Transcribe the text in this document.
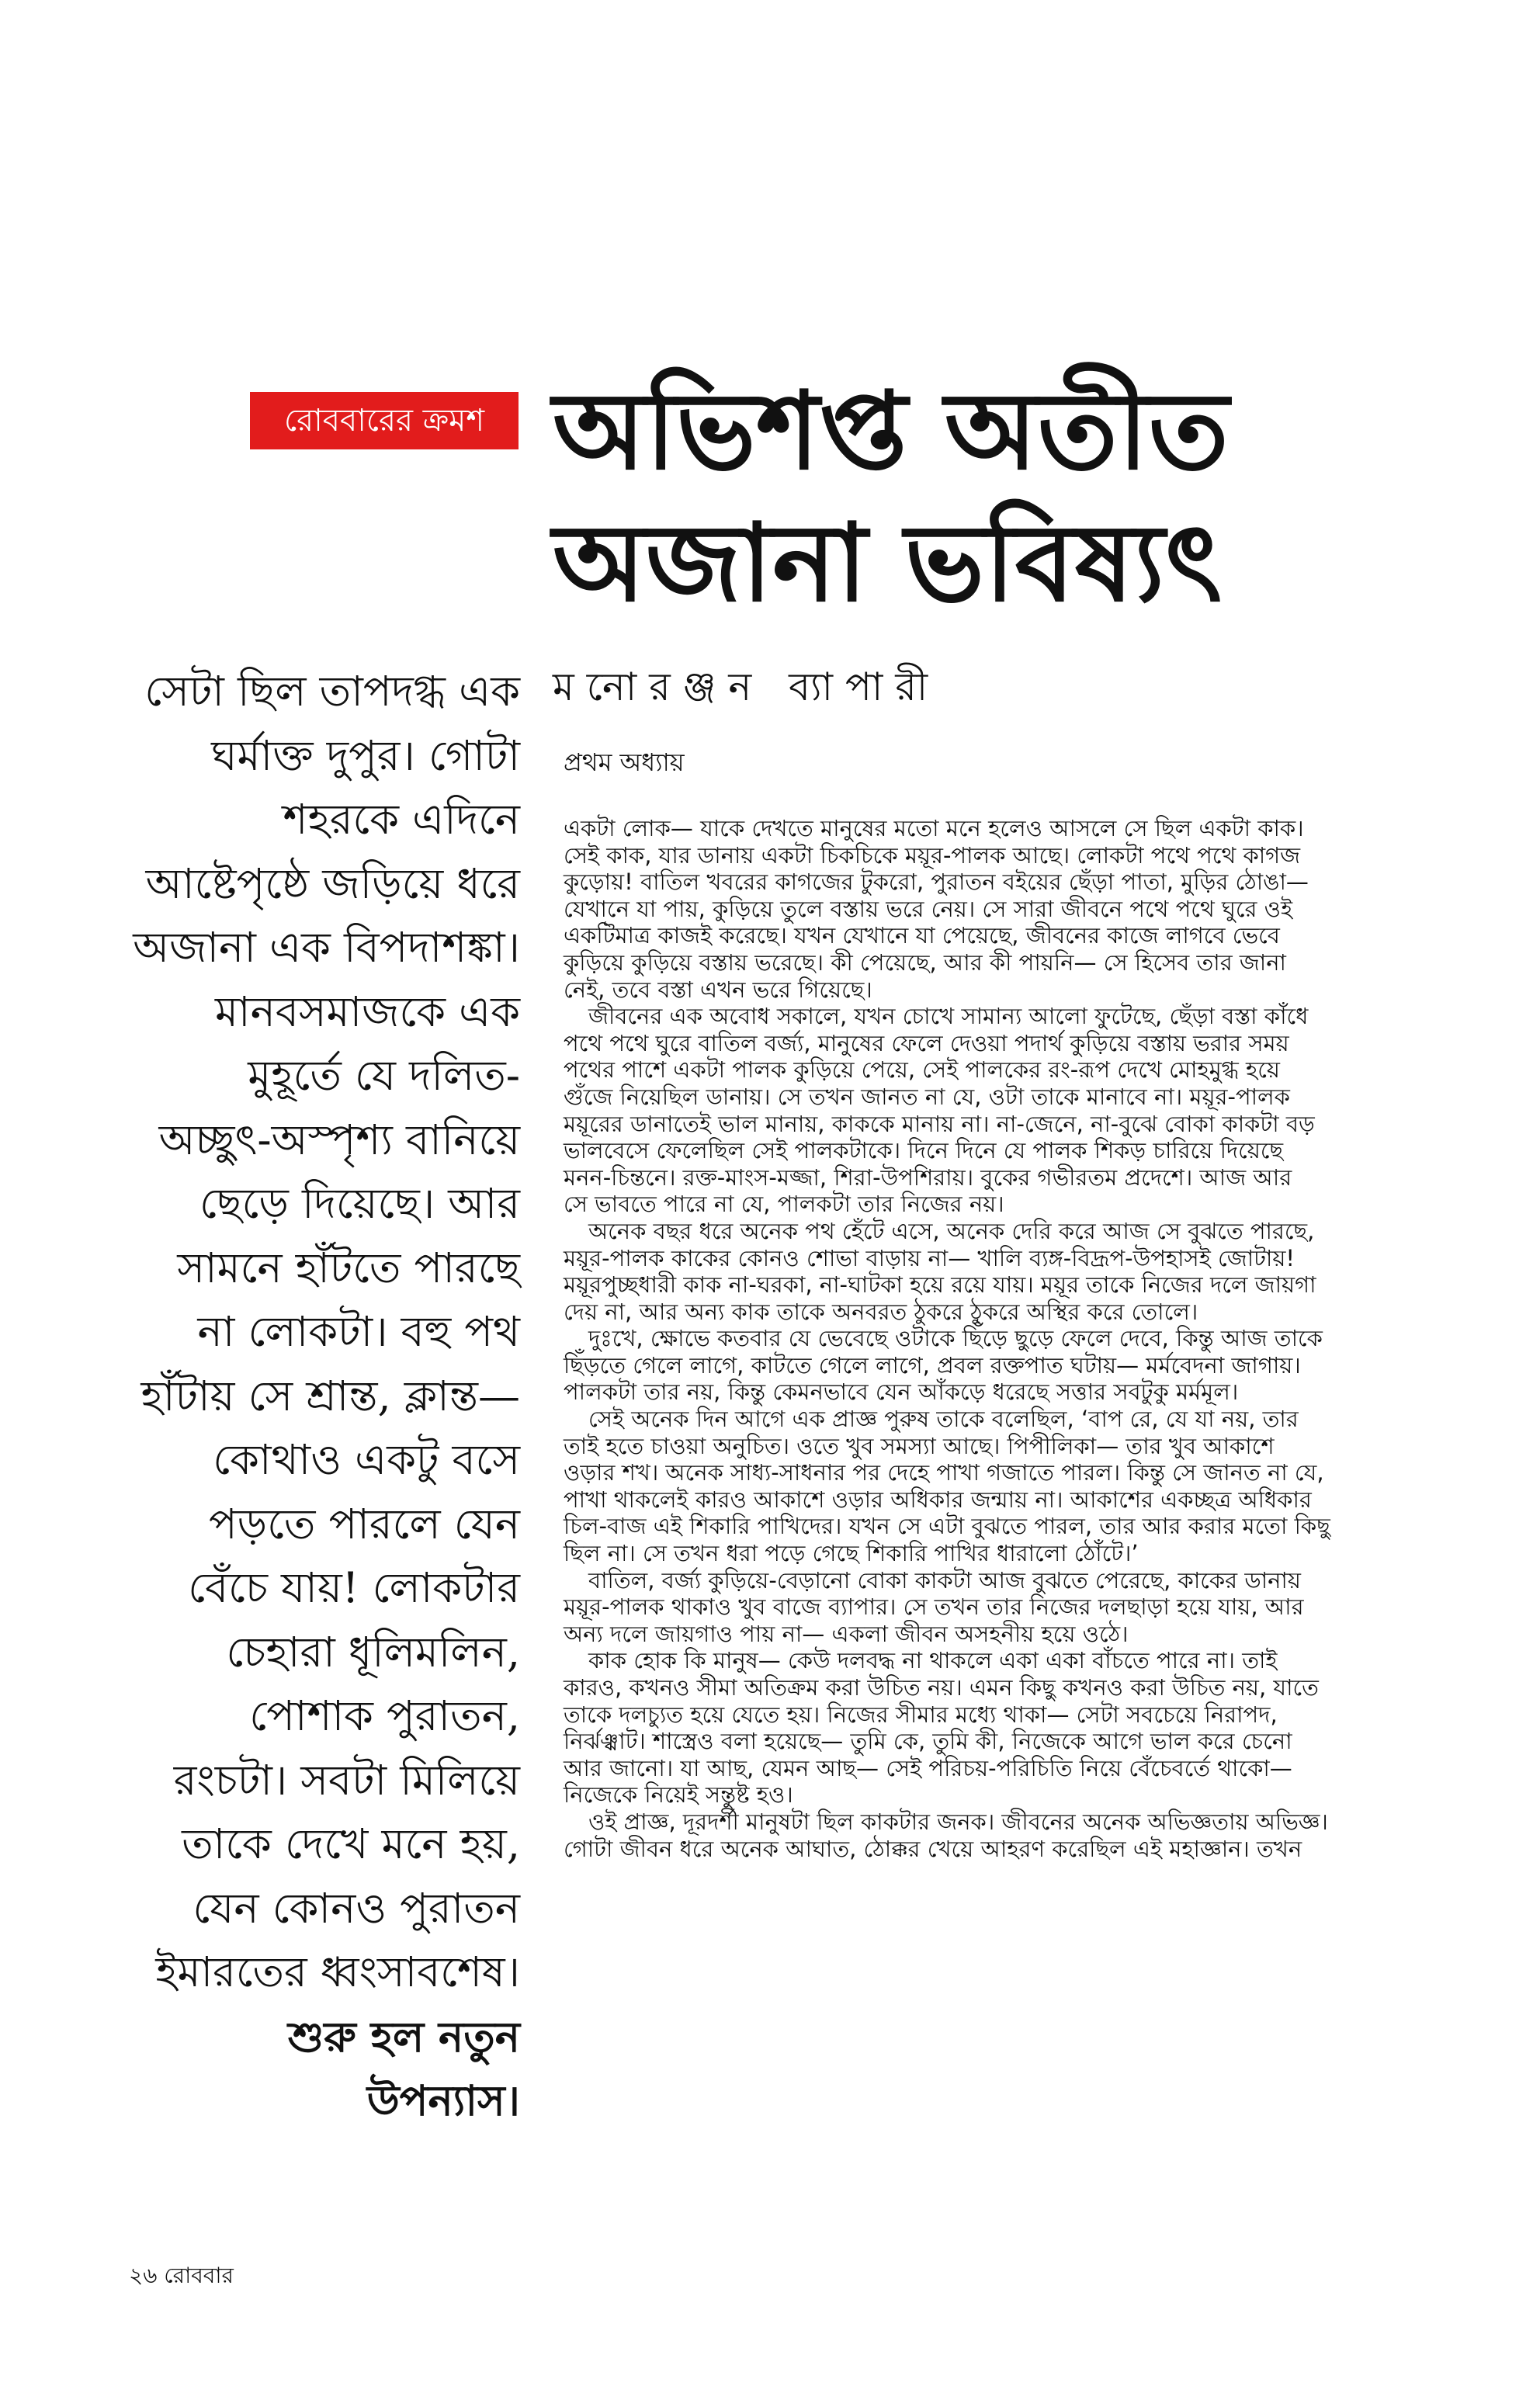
রোববারের ক্রমশ অভিশপ্ত অতীত
অজানা ভবিষ্যৎ
সেটা ছিল তাপদগ্ধ এক
ঘর্মাক্ত দুপুর। গোটা
শহরকে এদিনে
আষ্টেপৃষ্ঠে জড়িয়ে ধরে
অজানা এক বিপদাশঙ্কা।
মানবসমাজকে এক
মুহূর্তে যে দলিত-
অচ্ছুৎ-অস্পৃশ্য বানিয়ে
ছেড়ে দিয়েছে। আর
সামনে হাঁটতে পারছে
না লোকটা। বহু পথ
হাঁটায় সে শ্রান্ত, ক্লান্ত—
কোথাও একটু বসে
পড়তে পারলে যেন
বেঁচে যায়! লোকটার
চেহারা ধূলিমলিন,
পোশাক পুরাতন,
রংচটা। সবটা মিলিয়ে
তাকে দেখে মনে হয়,
যেন কোনও পুরাতন
ইমারতের ধ্বংসাবশেষ।
শুরু হল নতুন
উপন্যাস।
মনোরঞ্জন ব্যাপারী
প্রথম অধ্যায়
একটা লোক— যাকে দেখতে মানুষের মতো মনে হলেও আসলে সে ছিল একটা কাক।
সেই কাক, যার ডানায় একটা চিকচিকে ময়ূর-পালক আছে। লোকটা পথে পথে কাগজ
কুড়োয়! বাতিল খবরের কাগজের টুকরো, পুরাতন বইয়ের ছেঁড়া পাতা, মুড়ির ঠোঙা—
যেখানে যা পায়, কুড়িয়ে তুলে বস্তায় ভরে নেয়। সে সারা জীবনে পথে পথে ঘুরে ওই
একটিমাত্র কাজই করেছে। যখন যেখানে যা পেয়েছে, জীবনের কাজে লাগবে ভেবে
কুড়িয়ে কুড়িয়ে বস্তায় ভরেছে। কী পেয়েছে, আর কী পায়নি— সে হিসেব তার জানা
নেই, তবে বস্তা এখন ভরে গিয়েছে।
জীবনের এক অবোধ সকালে, যখন চোখে সামান্য আলো ফুটেছে, ছেঁড়া বস্তা কাঁধে
পথে পথে ঘুরে বাতিল বর্জ্য, মানুষের ফেলে দেওয়া পদার্থ কুড়িয়ে বস্তায় ভরার সময়
পথের পাশে একটা পালক কুড়িয়ে পেয়ে, সেই পালকের রং-রূপ দেখে মোহমুগ্ধ হয়ে
গুঁজে নিয়েছিল ডানায়। সে তখন জানত না যে, ওটা তাকে মানাবে না। ময়ূর-পালক
ময়ূরের ডানাতেই ভাল মানায়, কাককে মানায় না। না-জেনে, না-বুঝে বোকা কাকটা বড়
ভালবেসে ফেলেছিল সেই পালকটাকে। দিনে দিনে যে পালক শিকড় চারিয়ে দিয়েছে
মনন-চিন্তনে। রক্ত-মাংস-মজ্জা, শিরা-উপশিরায়। বুকের গভীরতম প্রদেশে। আজ আর
সে ভাবতে পারে না যে, পালকটা তার নিজের নয়।
অনেক বছর ধরে অনেক পথ হেঁটে এসে, অনেক দেরি করে আজ সে বুঝতে পারছে,
ময়ূর-পালক কাকের কোনও শোভা বাড়ায় না— খালি ব্যঙ্গ-বিদ্রূপ-উপহাসই জোটায়!
ময়ূরপুচ্ছধারী কাক না-ঘরকা, না-ঘাটকা হয়ে রয়ে যায়। ময়ূর তাকে নিজের দলে জায়গা
দেয় না, আর অন্য কাক তাকে অনবরত ঠুকরে ঠুকরে অস্থির করে তোলে।
দুঃখে, ক্ষোভে কতবার যে ভেবেছে ওটাকে ছিঁড়ে ছুড়ে ফেলে দেবে, কিন্তু আজ তাকে
ছিঁড়তে গেলে লাগে, কাটতে গেলে লাগে, প্রবল রক্তপাত ঘটায়— মর্মবেদনা জাগায়।
পালকটা তার নয়, কিন্তু কেমনভাবে যেন আঁকড়ে ধরেছে সত্তার সবটুকু মর্মমূল।
সেই অনেক দিন আগে এক প্রাজ্ঞ পুরুষ তাকে বলেছিল, ‘বাপ রে, যে যা নয়, তার
তাই হতে চাওয়া অনুচিত। ওতে খুব সমস্যা আছে। পিপীলিকা— তার খুব আকাশে
ওড়ার শখ। অনেক সাধ্য-সাধনার পর দেহে পাখা গজাতে পারল। কিন্তু সে জানত না যে,
পাখা থাকলেই কারও আকাশে ওড়ার অধিকার জন্মায় না। আকাশের একচ্ছত্র অধিকার
চিল-বাজ এই শিকারি পাখিদের। যখন সে এটা বুঝতে পারল, তার আর করার মতো কিছু
ছিল না। সে তখন ধরা পড়ে গেছে শিকারি পাখির ধারালো ঠোঁটে।’
বাতিল, বর্জ্য কুড়িয়ে-বেড়ানো বোকা কাকটা আজ বুঝতে পেরেছে, কাকের ডানায়
ময়ূর-পালক থাকাও খুব বাজে ব্যাপার। সে তখন তার নিজের দলছাড়া হয়ে যায়, আর
অন্য দলে জায়গাও পায় না— একলা জীবন অসহনীয় হয়ে ওঠে।
কাক হোক কি মানুষ— কেউ দলবদ্ধ না থাকলে একা একা বাঁচতে পারে না। তাই
কারও, কখনও সীমা অতিক্রম করা উচিত নয়। এমন কিছু কখনও করা উচিত নয়, যাতে
তাকে দলচ্যুত হয়ে যেতে হয়। নিজের সীমার মধ্যে থাকা— সেটা সবচেয়ে নিরাপদ,
নির্ঝঞ্ঝাট। শাস্ত্রেও বলা হয়েছে— তুমি কে, তুমি কী, নিজেকে আগে ভাল করে চেনো
আর জানো। যা আছ, যেমন আছ— সেই পরিচয়-পরিচিতি নিয়ে বেঁচেবর্তে থাকো—
নিজেকে নিয়েই সন্তুষ্ট হও।
ওই প্রাজ্ঞ, দূরদর্শী মানুষটা ছিল কাকটার জনক। জীবনের অনেক অভিজ্ঞতায় অভিজ্ঞ।
গোটা জীবন ধরে অনেক আঘাত, ঠোক্কর খেয়ে আহরণ করেছিল এই মহাজ্ঞান। তখন
২৬ রোববার
